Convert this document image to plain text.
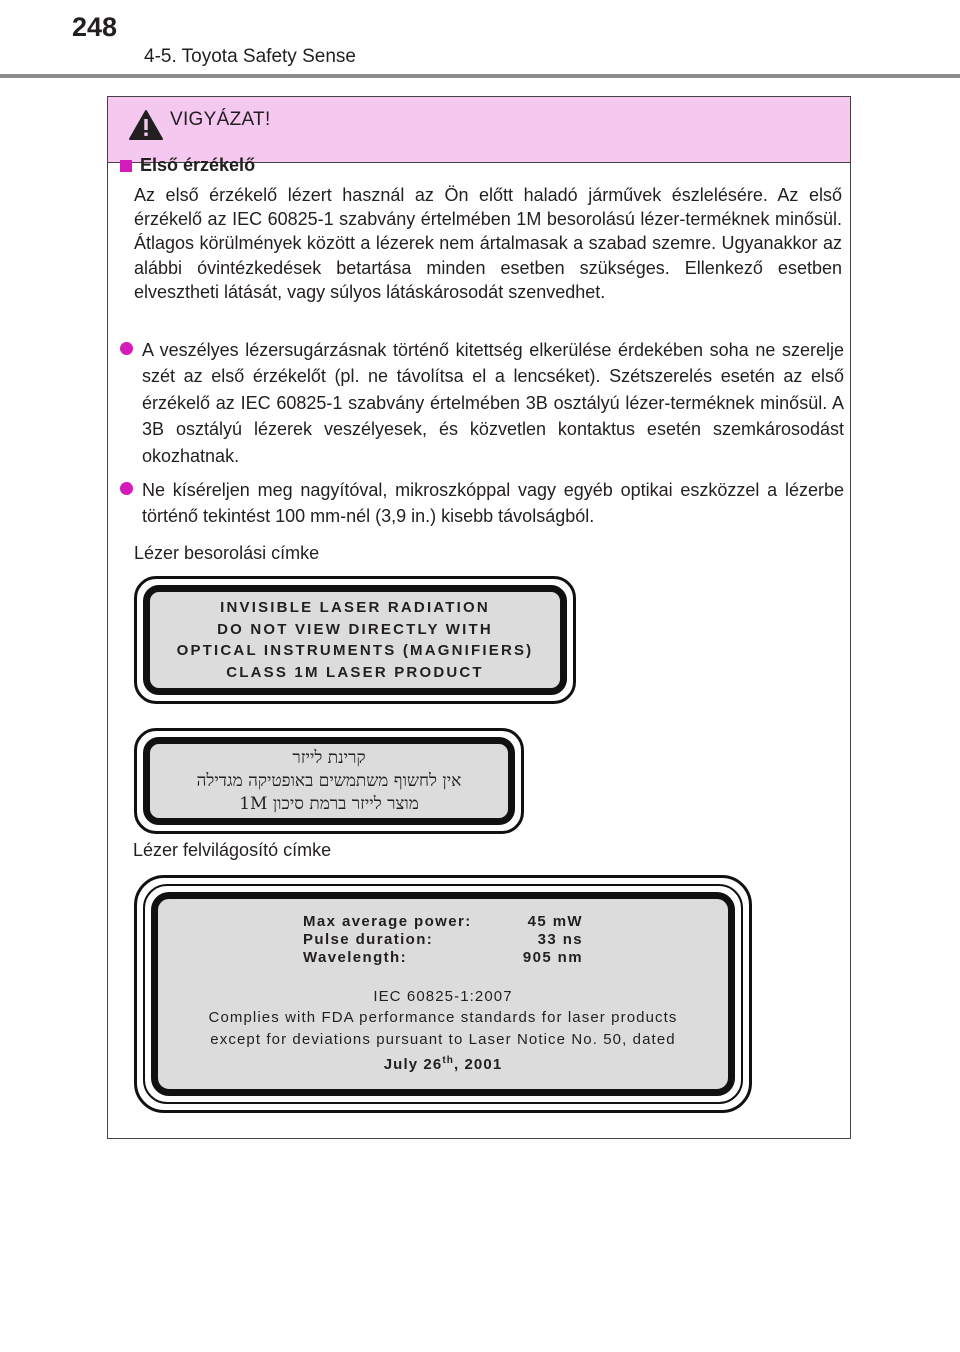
248
4-5. Toyota Safety Sense
VIGYÁZAT!
Első érzékelő
Az első érzékelő lézert használ az Ön előtt haladó járművek észlelésére. Az első érzékelő az IEC 60825-1 szabvány értelmében 1M besorolású lézer-terméknek minősül. Átlagos körülmények között a lézerek nem ártalmasak a szabad szemre. Ugyanakkor az alábbi óvintézkedések betartása minden esetben szükséges. Ellenkező esetben elvesztheti látását, vagy súlyos látáskárosodát szenvedhet.
A veszélyes lézersugárzásnak történő kitettség elkerülése érdekében soha ne szerelje szét az első érzékelőt (pl. ne távolítsa el a lencséket). Szétszerelés esetén az első érzékelő az IEC 60825-1 szabvány értelmében 3B osztályú lézer-terméknek minősül. A 3B osztályú lézerek veszélyesek, és közvetlen kontaktus esetén szemkárosodást okozhatnak.
Ne kíséreljen meg nagyítóval, mikroszkóppal vagy egyéb optikai eszközzel a lézerbe történő tekintést 100 mm-nél (3,9 in.) kisebb távolságból.
Lézer besorolási címke
INVISIBLE LASER RADIATION
DO NOT VIEW DIRECTLY WITH
OPTICAL INSTRUMENTS (MAGNIFIERS)
CLASS 1M LASER PRODUCT
קרינת לייזר
אין לחשוף משתמשים באופטיקה מגדילה
מוצר לייזר ברמת סיכון 1M
Lézer felvilágosító címke
Max average power:	45 mW
Pulse duration:	33 ns
Wavelength:	905 nm
IEC 60825-1:2007
Complies with FDA performance standards for laser products
except for deviations pursuant to Laser Notice No. 50, dated
July 26th, 2001
